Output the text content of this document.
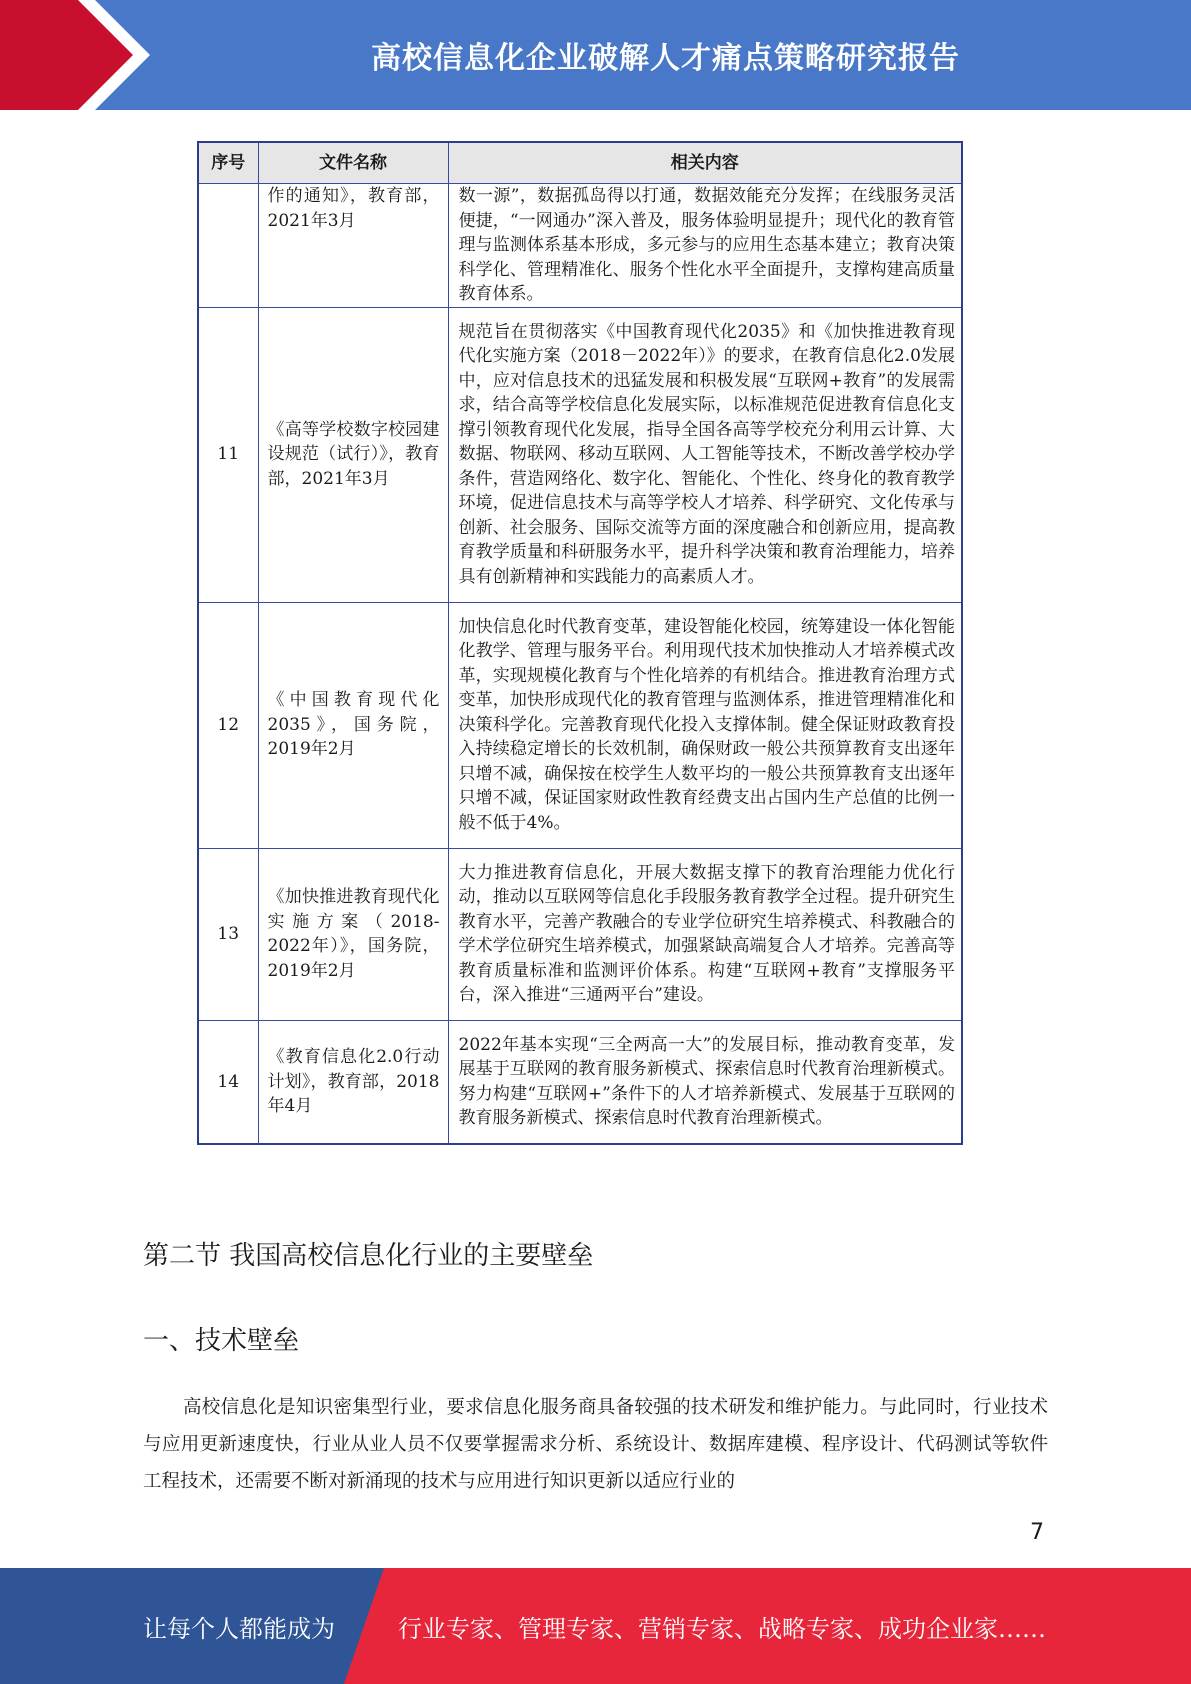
高校信息化企业破解人才痛点策略研究报告
序号	文件名称	相关内容
	作的通知》，教育部，2021年3月	数一源”，数据孤岛得以打通，数据效能充分发挥；在线服务灵活便捷，“一网通办”深入普及，服务体验明显提升；现代化的教育管理与监测体系基本形成，多元参与的应用生态基本建立；教育决策科学化、管理精准化、服务个性化水平全面提升，支撑构建高质量教育体系。
11	《高等学校数字校园建设规范（试行）》，教育部，2021年3月	规范旨在贯彻落实《中国教育现代化2035》和《加快推进教育现代化实施方案（2018－2022年）》的要求，在教育信息化2.0发展中，应对信息技术的迅猛发展和积极发展“互联网+教育”的发展需求，结合高等学校信息化发展实际，以标准规范促进教育信息化支撑引领教育现代化发展，指导全国各高等学校充分利用云计算、大数据、物联网、移动互联网、人工智能等技术，不断改善学校办学条件，营造网络化、数字化、智能化、个性化、终身化的教育教学环境，促进信息技术与高等学校人才培养、科学研究、文化传承与创新、社会服务、国际交流等方面的深度融合和创新应用，提高教育教学质量和科研服务水平，提升科学决策和教育治理能力，培养具有创新精神和实践能力的高素质人才。
12	《中国教育现代化2035》，国务院，2019年2月	加快信息化时代教育变革，建设智能化校园，统筹建设一体化智能化教学、管理与服务平台。利用现代技术加快推动人才培养模式改革，实现规模化教育与个性化培养的有机结合。推进教育治理方式变革，加快形成现代化的教育管理与监测体系，推进管理精准化和决策科学化。完善教育现代化投入支撑体制。健全保证财政教育投入持续稳定增长的长效机制，确保财政一般公共预算教育支出逐年只增不减，确保按在校学生人数平均的一般公共预算教育支出逐年只增不减，保证国家财政性教育经费支出占国内生产总值的比例一般不低于4%。
13	《加快推进教育现代化实施方案（2018-2022年）》，国务院，2019年2月	大力推进教育信息化，开展大数据支撑下的教育治理能力优化行动，推动以互联网等信息化手段服务教育教学全过程。提升研究生教育水平，完善产教融合的专业学位研究生培养模式、科教融合的学术学位研究生培养模式，加强紧缺高端复合人才培养。完善高等教育质量标准和监测评价体系。构建“互联网+教育”支撑服务平台，深入推进“三通两平台”建设。
14	《教育信息化2.0行动计划》，教育部，2018年4月	2022年基本实现“三全两高一大”的发展目标，推动教育变革，发展基于互联网的教育服务新模式、探索信息时代教育治理新模式。努力构建“互联网+”条件下的人才培养新模式、发展基于互联网的教育服务新模式、探索信息时代教育治理新模式。
第二节 我国高校信息化行业的主要壁垒
一、技术壁垒

高校信息化是知识密集型行业，要求信息化服务商具备较强的技术研发和维护能力。与此同时，行业技术与应用更新速度快，行业从业人员不仅要掌握需求分析、系统设计、数据库建模、程序设计、代码测试等软件工程技术，还需要不断对新涌现的技术与应用进行知识更新以适应行业的

7
让每个人都能成为	行业专家、管理专家、营销专家、战略专家、成功企业家……
